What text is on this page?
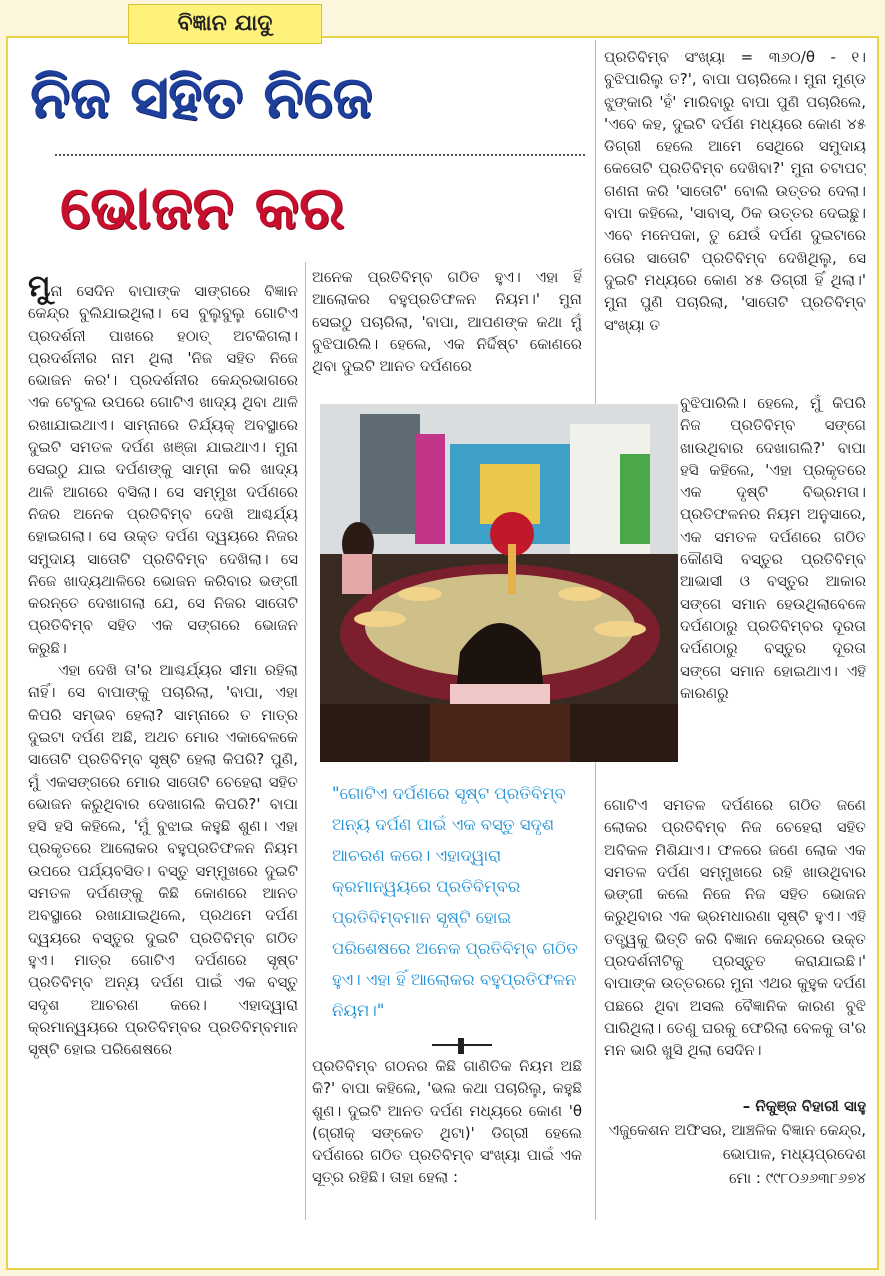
ବିଜ୍ଞାନ ଯାଦୁ
ନିଜ ସହିତ ନିଜେ
ଭୋଜନ କର

ମୁନା ସେଦିନ ବାପାଙ୍କ ସାଙ୍ଗରେ ବିଜ୍ଞାନ କେନ୍ଦ୍ର ବୁଲିଯାଇଥିଲା। ସେ ବୁଲୁବୁଲୁ ଗୋଟିଏ ପ୍ରଦର୍ଶନୀ ପାଖରେ ହଠାତ୍ ଅଟକିଗଲା। ପ୍ରଦର୍ଶନୀର ନାମ ଥିଲା 'ନିଜ ସହିତ ନିଜେ ଭୋଜନ କର'। ପ୍ରଦର୍ଶନୀର କେନ୍ଦ୍ରଭାଗରେ ଏକ ଟେବୁଲ ଉପରେ ଗୋଟିଏ ଖାଦ୍ୟ ଥିବା ଥାଳି ରଖାଯାଇଥାଏ। ସାମ୍ନାରେ ତିର୍ଯ୍ୟକ୍ ଅବସ୍ଥାରେ ଦୁଇଟି ସମତଳ ଦର୍ପଣ ଖଞ୍ଜା ଯାଇଥାଏ। ମୁନା ସେଇଠୁ ଯାଇ ଦର୍ପଣଙ୍କୁ ସାମ୍ନା କରି ଖାଦ୍ୟ ଥାଳି ଆଗରେ ବସିଲା। ସେ ସମ୍ମୁଖ ଦର୍ପଣରେ ନିଜର ଅନେକ ପ୍ରତିବିମ୍ବ ଦେଖି ଆଶ୍ଚର୍ଯ୍ୟ ହୋଇଗଲା। ସେ ଉକ୍ତ ଦର୍ପଣ ଦ୍ୱୟରେ ନିଜର ସମୁଦାୟ ସାତୋଟି ପ୍ରତିବିମ୍ବ ଦେଖିଲା। ସେ ନିଜେ ଖାଦ୍ୟଥାଳିରେ ଭୋଜନ କରିବାର ଭଙ୍ଗୀ କରନ୍ତେ ଦେଖାଗଲା ଯେ, ସେ ନିଜର ସାତୋଟି ପ୍ରତିବିମ୍ବ ସହିତ ଏକ ସଙ୍ଗରେ ଭୋଜନ କରୁଛି।

ଏହା ଦେଖି ତା'ର ଆଶ୍ଚର୍ଯ୍ୟର ସୀମା ରହିଲା ନାହିଁ। ସେ ବାପାଙ୍କୁ ପଚାରିଲା, 'ବାପା, ଏହା କିପରି ସମ୍ଭବ ହେଲା? ସାମ୍ନାରେ ତ ମାତ୍ର ଦୁଇଟା ଦର୍ପଣ ଅଛି, ଅଥଚ ମୋର ଏକାବେଳକେ ସାତୋଟି ପ୍ରତିବିମ୍ବ ସୃଷ୍ଟି ହେଲା କିପରି? ପୁଣି, ମୁଁ ଏକସଙ୍ଗରେ ମୋର ସାତୋଟି ଚେହେରା ସହିତ ଭୋଜନ କରୁଥିବାର ଦେଖାଗଲି କିପରି?' ବାପା ହସି ହସି କହିଲେ, 'ମୁଁ ବୁଝାଇ କହୁଛି ଶୁଣ। ଏହା ପ୍ରକୃତରେ ଆଲୋକର ବହୁପ୍ରତିଫଳନ ନିୟମ ଉପରେ ପର୍ଯ୍ୟବସିତ। ବସ୍ତୁ ସମ୍ମୁଖରେ ଦୁଇଟି ସମତଳ ଦର୍ପଣଙ୍କୁ କିଛି କୋଣରେ ଆନତ ଅବସ୍ଥାରେ ରଖାଯାଇଥିଲେ, ପ୍ରଥମେ ଦର୍ପଣ ଦ୍ୱୟରେ ବସ୍ତୁର ଦୁଇଟି ପ୍ରତିବିମ୍ବ ଗଠିତ ହୁଏ। ମାତ୍ର ଗୋଟିଏ ଦର୍ପଣରେ ସୃଷ୍ଟ ପ୍ରତିବିମ୍ବ ଅନ୍ୟ ଦର୍ପଣ ପାଇଁ ଏକ ବସ୍ତୁ ସଦୃଶ ଆଚରଣ କରେ। ଏହାଦ୍ୱାରା କ୍ରମାନ୍ୱୟରେ ପ୍ରତିବିମ୍ବର ପ୍ରତିବିମ୍ବମାନ ସୃଷ୍ଟି ହୋଇ ପରିଶେଷରେ

ଅନେକ ପ୍ରତିବିମ୍ବ ଗଠିତ ହୁଏ। ଏହା ହିଁ ଆଲୋକର ବହୁପ୍ରତିଫଳନ ନିୟମ।' ମୁନା ସେଇଠୁ ପଚାରିଲା, 'ବାପା, ଆପଣଙ୍କ କଥା ମୁଁ ବୁଝିପାରିଲି। ହେଲେ, ଏକ ନିର୍ଦ୍ଦିଷ୍ଟ କୋଣରେ ଥିବା ଦୁଇଟି ଆନତ ଦର୍ପଣରେ
"ଗୋଟିଏ ଦର୍ପଣରେ ସୃଷ୍ଟ ପ୍ରତିବିମ୍ବ ଅନ୍ୟ ଦର୍ପଣ ପାଇଁ ଏକ ବସ୍ତୁ ସଦୃଶ ଆଚରଣ କରେ। ଏହାଦ୍ୱାରା କ୍ରମାନ୍ୱୟରେ ପ୍ରତିବିମ୍ବର ପ୍ରତିବିମ୍ବମାନ ସୃଷ୍ଟି ହୋଇ ପରିଶେଷରେ ଅନେକ ପ୍ରତିବିମ୍ବ ଗଠିତ ହୁଏ। ଏହା ହିଁ ଆଲୋକର ବହୁପ୍ରତିଫଳନ ନିୟମ।"
ପ୍ରତିବିମ୍ବ ଗଠନର କିଛି ଗାଣିତିକ ନିୟମ ଅଛି କି?' ବାପା କହିଲେ, 'ଭଲ କଥା ପଚାରିଲୁ, କହୁଛି ଶୁଣ। ଦୁଇଟି ଆନତ ଦର୍ପଣ ମଧ୍ୟରେ କୋଣ 'θ (ଗ୍ରୀକ୍ ସଙ୍କେତ ଥିଟା)' ଡିଗ୍ରୀ ହେଲେ ଦର୍ପଣରେ ଗଠିତ ପ୍ରତିବିମ୍ବ ସଂଖ୍ୟା ପାଇଁ ଏକ ସୂତ୍ର ରହିଛି। ତାହା ହେଲା :
ପ୍ରତିବିମ୍ବ ସଂଖ୍ୟା = ୩୬୦/θ - ୧। ବୁଝିପାରିଲୁ ତ?', ବାପା ପଚାରିଲେ। ମୁନା ମୁଣ୍ଡ ଝୁଙ୍କାରି 'ହଁ' ମାରିବାରୁ ବାପା ପୁଣି ପଚାରିଲେ, 'ଏବେ କହ, ଦୁଇଟି ଦର୍ପଣ ମଧ୍ୟରେ କୋଣ ୪୫ ଡିଗ୍ରୀ ହେଲେ ଆମେ ସେଥିରେ ସମୁଦାୟ କେତୋଟି ପ୍ରତିବିମ୍ବ ଦେଖିବା?' ମୁନା ଚଟାପଟ୍ ଗଣନା କରି 'ସାତୋଟି' ବୋଲି ଉତ୍ତର ଦେଲା। ବାପା କହିଲେ, 'ସାବାସ୍, ଠିକ ଉତ୍ତର ଦେଇଛୁ। ଏବେ ମନେପକା, ତୁ ଯେଉଁ ଦର୍ପଣ ଦୁଇଟାରେ ତୋର ସାତୋଟି ପ୍ରତିବିମ୍ବ ଦେଖିଥିଲୁ, ସେ ଦୁଇଟି ମଧ୍ୟରେ କୋଣ ୪୫ ଡିଗ୍ରୀ ହିଁ ଥିଲା।' ମୁନା ପୁଣି ପଚାରିଲା, 'ସାତୋଟି ପ୍ରତିବିମ୍ବ ସଂଖ୍ୟା ତ
ବୁଝିପାରିଲି। ହେଲେ, ମୁଁ କିପରି ନିଜ ପ୍ରତିବିମ୍ବ ସଙ୍ଗେ ଖାଉଥିବାର ଦେଖାଗଲି?' ବାପା ହସି କହିଲେ, 'ଏହା ପ୍ରକୃତରେ ଏକ ଦୃଷ୍ଟି ବିଭ୍ରମତା। ପ୍ରତିଫଳନର ନିୟମ ଅନୁସାରେ, ଏକ ସମତଳ ଦର୍ପଣରେ ଗଠିତ କୌଣସି ବସ୍ତୁର ପ୍ରତିବିମ୍ବ ଆଭାସୀ ଓ ବସ୍ତୁର ଆକାର ସଙ୍ଗେ ସମାନ ହେଉଥିଲାବେଳେ ଦର୍ପଣଠାରୁ ପ୍ରତିବିମ୍ବର ଦୂରତା ଦର୍ପଣଠାରୁ ବସ୍ତୁର ଦୂରତା ସଙ୍ଗେ ସମାନ ହୋଇଥାଏ। ଏହି କାରଣରୁ
ଗୋଟିଏ ସମତଳ ଦର୍ପଣରେ ଗଠିତ ଜଣେ ଲୋକର ପ୍ରତିବିମ୍ବ ନିଜ ଚେହେରା ସହିତ ଅବିକଳ ମିଶିଯାଏ। ଫଳରେ ଜଣେ ଲୋକ ଏକ ସମତଳ ଦର୍ପଣ ସମ୍ମୁଖରେ ରହି ଖାଉଥିବାର ଭଙ୍ଗୀ କଲେ ନିଜେ ନିଜ ସହିତ ଭୋଜନ କରୁଥିବାର ଏକ ଭ୍ରମଧାରଣା ସୃଷ୍ଟି ହୁଏ। ଏହି ତତ୍ତ୍ୱକୁ ଭିତ୍ତି କରି ବିଜ୍ଞାନ କେନ୍ଦ୍ରରେ ଉକ୍ତ ପ୍ରଦର୍ଶନୀଟିକୁ ପ୍ରସ୍ତୁତ କରାଯାଇଛି।' ବାପାଙ୍କ ଉତ୍ତରରେ ମୁନା ଏଥର କୁହୁକ ଦର୍ପଣ ପଛରେ ଥିବା ଅସଲ ବୈଜ୍ଞାନିକ କାରଣ ବୁଝି ପାରିଥିଲା। ତେଣୁ ଘରକୁ ଫେରିଲା ବେଳକୁ ତା'ର ମନ ଭାରି ଖୁସି ଥିଲା ସେଦିନ।
– ନିକୁଞ୍ଜ ବିହାରୀ ସାହୁ
ଏଜୁକେଶନ ଅଫିସର, ଆଞ୍ଚଳିକ ବିଜ୍ଞାନ କେନ୍ଦ୍ର, ଭୋପାଳ, ମଧ୍ୟପ୍ରଦେଶ
ମୋ : ୯୯୮୦୬୬୩୮୬୭୪
